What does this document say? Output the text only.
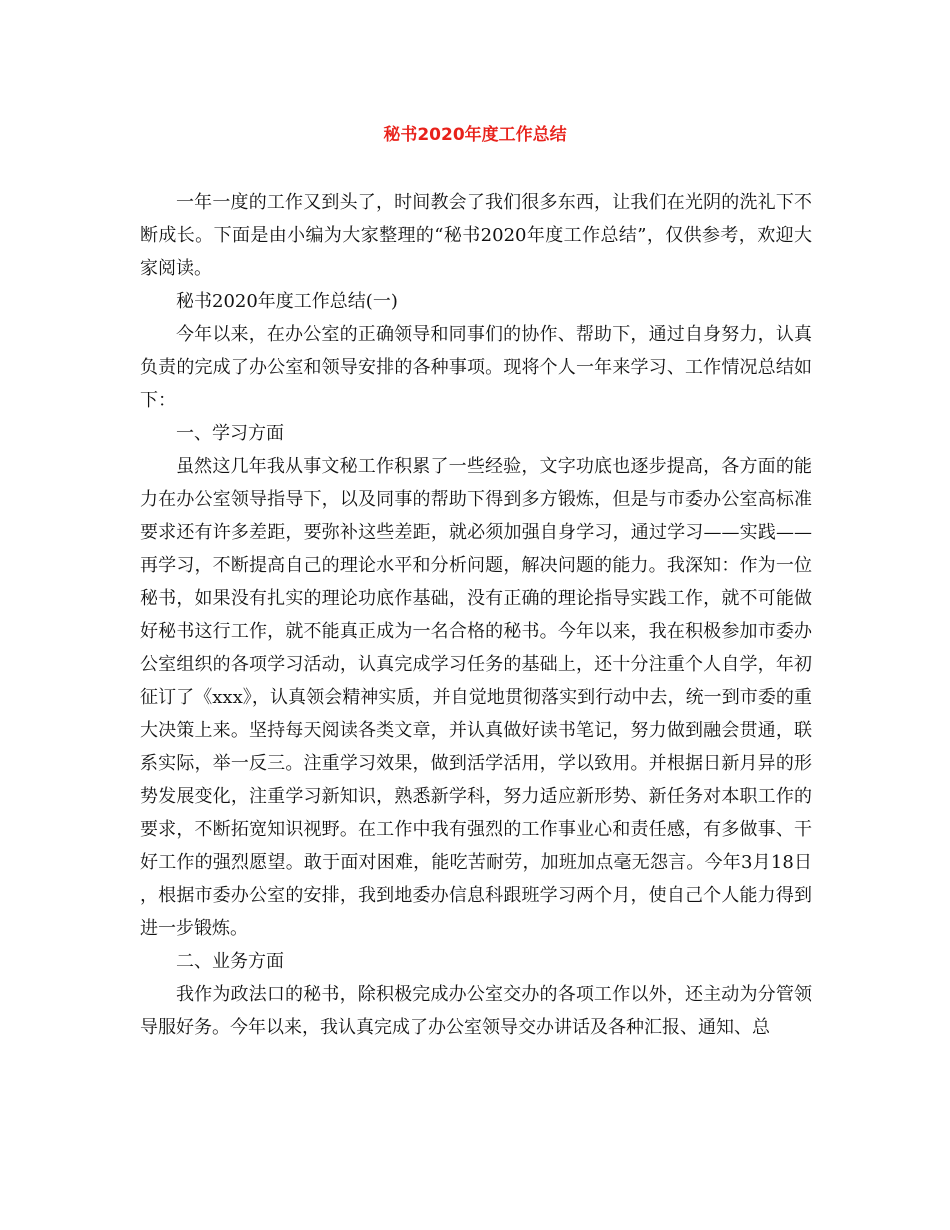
秘书2020年度工作总结

一年一度的工作又到头了，时间教会了我们很多东西，让我们在光阴的洗礼下不断成长。下面是由小编为大家整理的“秘书2020年度工作总结”，仅供参考，欢迎大家阅读。

秘书2020年度工作总结(一)

今年以来，在办公室的正确领导和同事们的协作、帮助下，通过自身努力，认真负责的完成了办公室和领导安排的各种事项。现将个人一年来学习、工作情况总结如下：

一、学习方面

虽然这几年我从事文秘工作积累了一些经验，文字功底也逐步提高，各方面的能力在办公室领导指导下，以及同事的帮助下得到多方锻炼，但是与市委办公室高标准要求还有许多差距，要弥补这些差距，就必须加强自身学习，通过学习——实践——再学习，不断提高自己的理论水平和分析问题，解决问题的能力。我深知：作为一位秘书，如果没有扎实的理论功底作基础，没有正确的理论指导实践工作，就不可能做好秘书这行工作，就不能真正成为一名合格的秘书。今年以来，我在积极参加市委办公室组织的各项学习活动，认真完成学习任务的基础上，还十分注重个人自学，年初征订了《xxx》，认真领会精神实质，并自觉地贯彻落实到行动中去，统一到市委的重大决策上来。坚持每天阅读各类文章，并认真做好读书笔记，努力做到融会贯通，联系实际，举一反三。注重学习效果，做到活学活用，学以致用。并根据日新月异的形势发展变化，注重学习新知识，熟悉新学科，努力适应新形势、新任务对本职工作的要求，不断拓宽知识视野。在工作中我有强烈的工作事业心和责任感，有多做事、干好工作的强烈愿望。敢于面对困难，能吃苦耐劳，加班加点毫无怨言。今年3月18日，根据市委办公室的安排，我到地委办信息科跟班学习两个月，使自己个人能力得到进一步锻炼。

二、业务方面

我作为政法口的秘书，除积极完成办公室交办的各项工作以外，还主动为分管领导服好务。今年以来，我认真完成了办公室领导交办讲话及各种汇报、通知、总
